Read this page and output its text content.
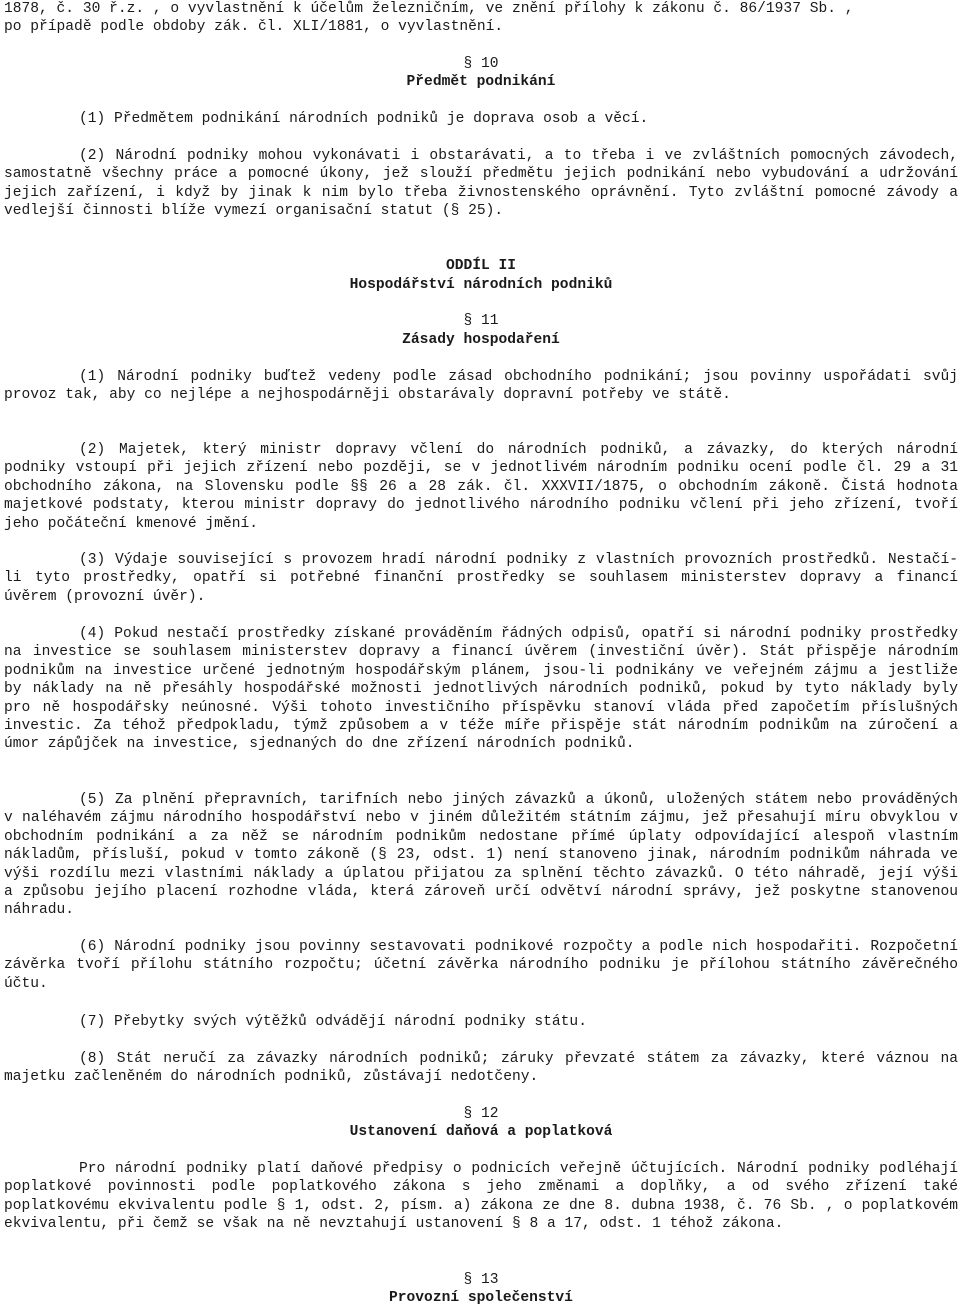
1878, č. 30 ř.z. , o vyvlastnění k účelům železničním, ve znění přílohy k zákonu č. 86/1937 Sb. ,
po případě podle obdoby zák. čl. XLI/1881, o vyvlastnění.
§ 10
Předmět podnikání

(1) Předmětem podnikání národních podniků je doprava osob a věcí.

(2) Národní podniky mohou vykonávati i obstarávati, a to třeba i ve zvláštních pomocných závodech, samostatně všechny práce a pomocné úkony, jež slouží předmětu jejich podnikání nebo vybudování a udržování jejich zařízení, i když by jinak k nim bylo třeba živnostenského oprávnění. Tyto zvláštní pomocné závody a vedlejší činnosti blíže vymezí organisační statut (§ 25).

ODDÍL II
Hospodářství národních podniků
§ 11
Zásady hospodaření

(1) Národní podniky buďtež vedeny podle zásad obchodního podnikání; jsou povinny uspořádati svůj provoz tak, aby co nejlépe a nejhospodárněji obstarávaly dopravní potřeby ve státě.

(2) Majetek, který ministr dopravy včlení do národních podniků, a závazky, do kterých národní podniky vstoupí při jejich zřízení nebo později, se v jednotlivém národním podniku ocení podle čl. 29 a 31 obchodního zákona, na Slovensku podle §§ 26 a 28 zák. čl. XXXVII/1875, o obchodním zákoně. Čistá hodnota majetkové podstaty, kterou ministr dopravy do jednotlivého národního podniku včlení při jeho zřízení, tvoří jeho počáteční kmenové jmění.

(3) Výdaje související s provozem hradí národní podniky z vlastních provozních prostředků. Nestačí-li tyto prostředky, opatří si potřebné finanční prostředky se souhlasem ministerstev dopravy a financí úvěrem (provozní úvěr).

(4) Pokud nestačí prostředky získané prováděním řádných odpisů, opatří si národní podniky prostředky na investice se souhlasem ministerstev dopravy a financí úvěrem (investiční úvěr). Stát přispěje národním podnikům na investice určené jednotným hospodářským plánem, jsou-li podnikány ve veřejném zájmu a jestliže by náklady na ně přesáhly hospodářské možnosti jednotlivých národních podniků, pokud by tyto náklady byly pro ně hospodářsky neúnosné. Výši tohoto investičního příspěvku stanoví vláda před započetím příslušných investic. Za téhož předpokladu, týmž způsobem a v téže míře přispěje stát národním podnikům na zúročení a úmor zápůjček na investice, sjednaných do dne zřízení národních podniků.

(5) Za plnění přepravních, tarifních nebo jiných závazků a úkonů, uložených státem nebo prováděných v naléhavém zájmu národního hospodářství nebo v jiném důležitém státním zájmu, jež přesahují míru obvyklou v obchodním podnikání a za něž se národním podnikům nedostane přímé úplaty odpovídající alespoň vlastním nákladům, přísluší, pokud v tomto zákoně (§ 23, odst. 1) není stanoveno jinak, národním podnikům náhrada ve výši rozdílu mezi vlastními náklady a úplatou přijatou za splnění těchto závazků. O této náhradě, její výši a způsobu jejího placení rozhodne vláda, která zároveň určí odvětví národní správy, jež poskytne stanovenou náhradu.

(6) Národní podniky jsou povinny sestavovati podnikové rozpočty a podle nich hospodařiti. Rozpočetní závěrka tvoří přílohu státního rozpočtu; účetní závěrka národního podniku je přílohou státního závěrečného účtu.

(7) Přebytky svých výtěžků odvádějí národní podniky státu.

(8) Stát neručí za závazky národních podniků; záruky převzaté státem za závazky, které váznou na majetku začleněném do národních podniků, zůstávají nedotčeny.

§ 12
Ustanovení daňová a poplatková

Pro národní podniky platí daňové předpisy o podnicích veřejně účtujících. Národní podniky podléhají poplatkové povinnosti podle poplatkového zákona s jeho změnami a doplňky, a od svého zřízení také poplatkovému ekvivalentu podle § 1, odst. 2, písm. a) zákona ze dne 8. dubna 1938, č. 76 Sb. , o poplatkovém ekvivalentu, při čemž se však na ně nevztahují ustanovení § 8 a 17, odst. 1 téhož zákona.

§ 13
Provozní společenství
